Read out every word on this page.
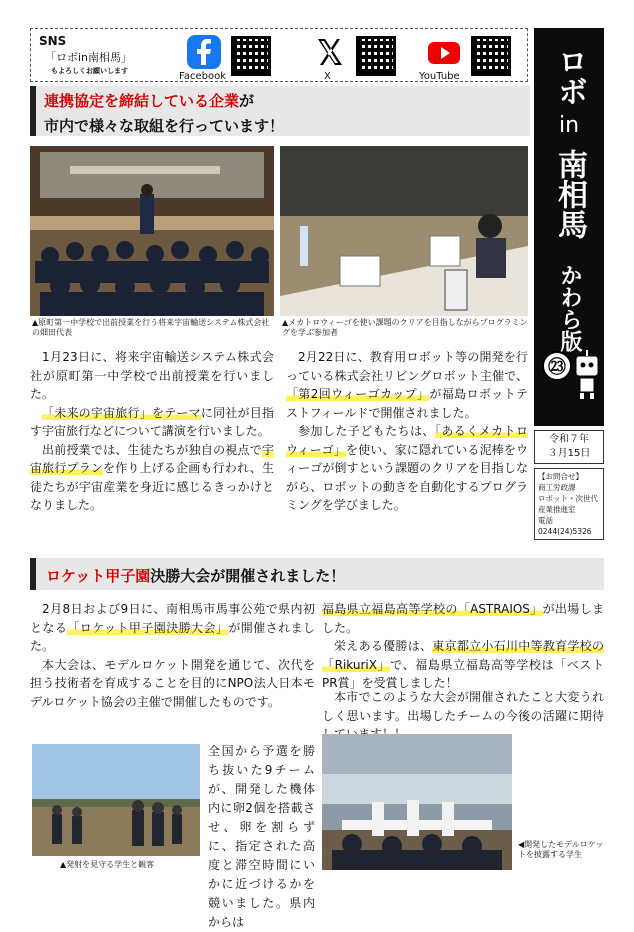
SNS
「ロボin南相馬」
もよろしくお願いします	Facebook	X	YouTube	ロボ
in
南相馬
かわら版
㉓
令和７年
３月15日
【お問合せ】
商工労政課
ロボット・次世代
産業推進室
電話
0244(24)5326
連携協定を締結している企業が
市内で様々な取組を行っています！
▲原町第一中学校で出前授業を行う将来宇宙輸送システム株式会社の畑田代表
▲メカトロウィーゴを使い課題のクリアを目指しながらプログラミングを学ぶ参加者

1月23日に、将来宇宙輸送システム株式会社が原町第一中学校で出前授業を行いました。

「未来の宇宙旅行」をテーマに同社が目指す宇宙旅行などについて講演を行いました。

出前授業では、生徒たちが独自の視点で宇宙旅行プランを作り上げる企画も行われ、生徒たちが宇宙産業を身近に感じるきっかけとなりました。

2月22日に、教育用ロボット等の開発を行っている株式会社リビングロボット主催で、「第2回ウィーゴカップ」が福島ロボットテストフィールドで開催されました。

参加した子どもたちは、「あるくメカトロウィーゴ」を使い、家に隠れている泥棒をウィーゴが倒すという課題のクリアを目指しながら、ロボットの動きを自動化するプログラミングを学びました。

ロケット甲子園決勝大会が開催されました！

2月8日および9日に、南相馬市馬事公苑で県内初となる「ロケット甲子園決勝大会」が開催されました。

本大会は、モデルロケット開発を通じて、次代を担う技術者を育成することを目的にNPO法人日本モデルロケット協会の主催で開催したものです。

全国から予選を勝ち抜いた9チームが、開発した機体内に卵2個を搭載させ、卵を割らずに、指定された高度と滞空時間にいかに近づけるかを競いました。県内からは
▲発射を見守る学生と観客

福島県立福島高等学校の「ASTRAIOS」が出場しました。

栄えある優勝は、東京都立小石川中等教育学校の「RikuriX」で、福島県立福島高等学校は「ベストPR賞」を受賞しました！

本市でこのような大会が開催されたこと大変うれしく思います。出場したチームの今後の活躍に期待

◀開発したモデルロケットを披露する学生
